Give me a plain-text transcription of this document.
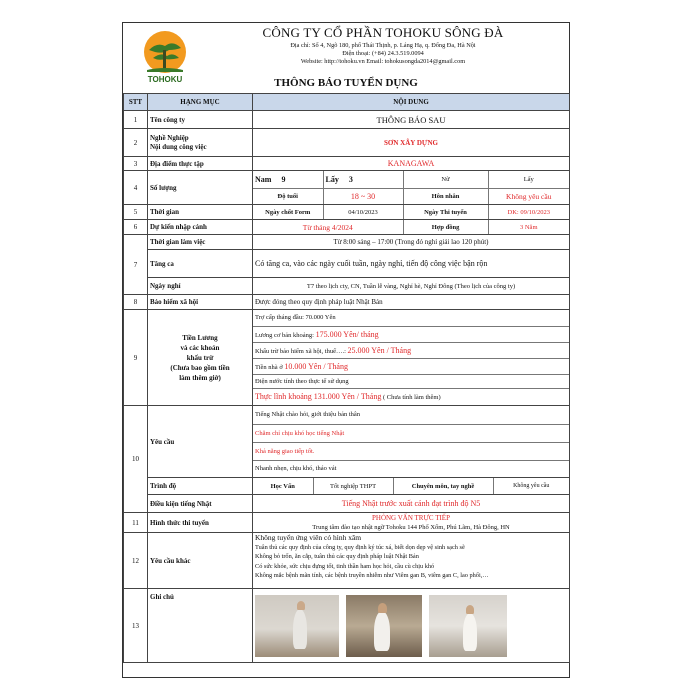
TOHOKU
CÔNG TY CỔ PHẦN TOHOKU SÔNG ĐÀ
Địa chỉ: Số 4, Ngõ 180, phố Thái Thịnh, p. Láng Hạ, q. Đống Đa, Hà Nội
Điện thoại: (+84) 24.3.519.0094
Website: http://tohoku.vn Email: tohokusongda2014@gmail.com
THÔNG BÁO TUYỂN DỤNG
STT	HẠNG MỤC	NỘI DUNG
1	Tên công ty	THÔNG BÁO SAU
2	Nghề Nghiệp
Nội dung công việc	SƠN XÂY DỰNG
3	Địa điểm thực tập	KANAGAWA
4	Số lượng	
Nam 9	Lấy 3	Nữ	Lấy
Độ tuổi	18 ~ 30	Hôn nhân	Không yêu cầu

5	Thời gian		Ngày chốt Form	04/10/2023	Ngày Thi tuyển	DK: 09/10/2023

6	Dự kiến nhập cảnh		Từ tháng 4/2024	Hợp đồng	3 Năm

7	Thời gian làm việc	Từ 8:00 sáng – 17:00 (Trong đó nghỉ giải lao 120 phút)
Tăng ca	Có tăng ca, vào các ngày cuối tuần, ngày nghỉ, tiến độ công việc bận rộn
Ngày nghỉ	T7 theo lịch cty, CN, Tuần lễ vàng, Nghỉ hè, Nghỉ Đông (Theo lịch của công ty)
8	Bảo hiểm xã hội	Được đóng theo quy định pháp luật Nhật Bản
9	Tiền Lương
và các khoản
khấu trừ
(Chưa bao gồm tiền
làm thêm giờ)	
Trợ cấp tháng đầu: 70.000 Yên
Lương cơ bản khoảng: 175.000 Yên/ tháng
Khấu trừ bảo hiểm xã hội, thuế….: 25.000 Yên / Tháng
Tiền nhà ở 10.000 Yên / Tháng
Điện nước tính theo thực tế sử dụng
Thực lĩnh khoảng 131.000 Yên / Tháng ( Chưa tính làm thêm)

10	Yêu cầu	
Tiếng Nhật chào hỏi, giới thiệu bản thân
Chăm chỉ chịu khó học tiếng Nhật
Khả năng giao tiếp tốt.
Nhanh nhẹn, chịu khó, tháo vát

Trình độ		Học Vấn	Tốt nghiệp THPT	Chuyên môn, tay nghề	Không yêu cầu

Điều kiện tiếng Nhật	Tiếng Nhật trước xuất cảnh đạt trình độ N5
11	Hình thức thi tuyển	
PHỎNG VẤN TRỰC TIẾP
Trung tâm đào tạo nhật ngữ Tohoku 144 Phố Xốm, Phú Lãm, Hà Đông, HN

12	Yêu cầu khác	
Không tuyển ứng viên có hình xăm
Tuân thủ các quy định của công ty, quy định ký túc xá, biết dọn dẹp vệ sinh sạch sẽ
Không bỏ trốn, ăn cắp, tuân thủ các quy định pháp luật Nhật Bản
Có sức khỏe, sức chịu đựng tốt, tinh thần ham học hỏi, cầu cù chịu khó
Không mắc bệnh mãn tính, các bệnh truyền nhiễm như Viêm gan B, viêm gan C, lao phổi,…

13	Ghi chú	
